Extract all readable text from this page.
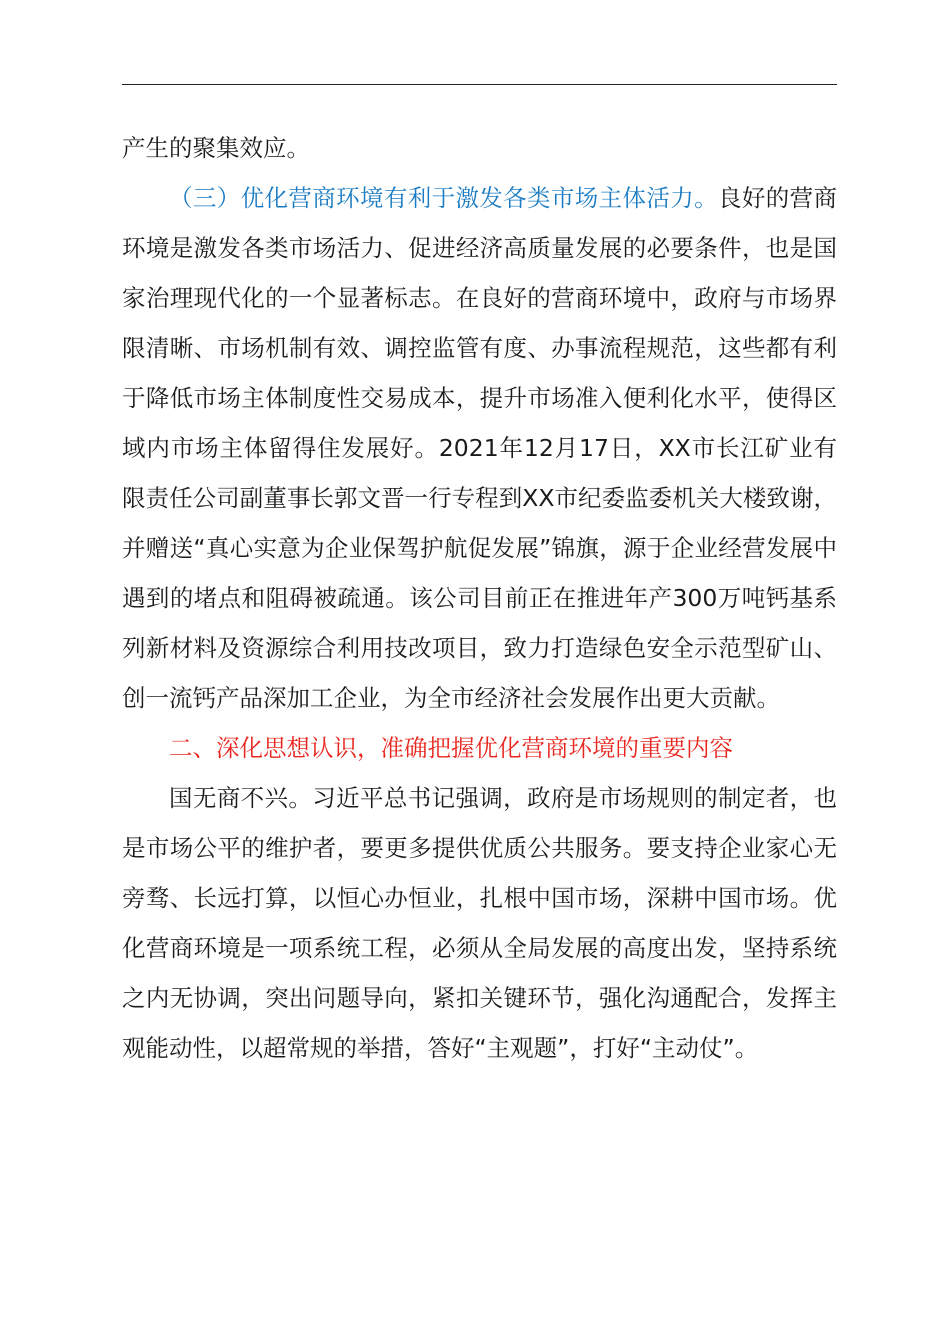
产生的聚集效应。

（三）优化营商环境有利于激发各类市场主体活力。良好的营商环境是激发各类市场活力、促进经济高质量发展的必要条件，也是国家治理现代化的一个显著标志。在良好的营商环境中，政府与市场界限清晰、市场机制有效、调控监管有度、办事流程规范，这些都有利于降低市场主体制度性交易成本，提升市场准入便利化水平，使得区域内市场主体留得住发展好。2021年12月17日，XX市长江矿业有限责任公司副董事长郭文晋一行专程到XX市纪委监委机关大楼致谢，并赠送“真心实意为企业保驾护航促发展”锦旗，源于企业经营发展中遇到的堵点和阻碍被疏通。该公司目前正在推进年产300万吨钙基系列新材料及资源综合利用技改项目，致力打造绿色安全示范型矿山、创一流钙产品深加工企业，为全市经济社会发展作出更大贡献。

二、深化思想认识，准确把握优化营商环境的重要内容

国无商不兴。习近平总书记强调，政府是市场规则的制定者，也是市场公平的维护者，要更多提供优质公共服务。要支持企业家心无旁骛、长远打算，以恒心办恒业，扎根中国市场，深耕中国市场。优化营商环境是一项系统工程，必须从全局发展的高度出发，坚持系统之内无协调，突出问题导向，紧扣关键环节，强化沟通配合，发挥主观能动性，以超常规的举措，答好“主观题”，打好“主动仗”。
